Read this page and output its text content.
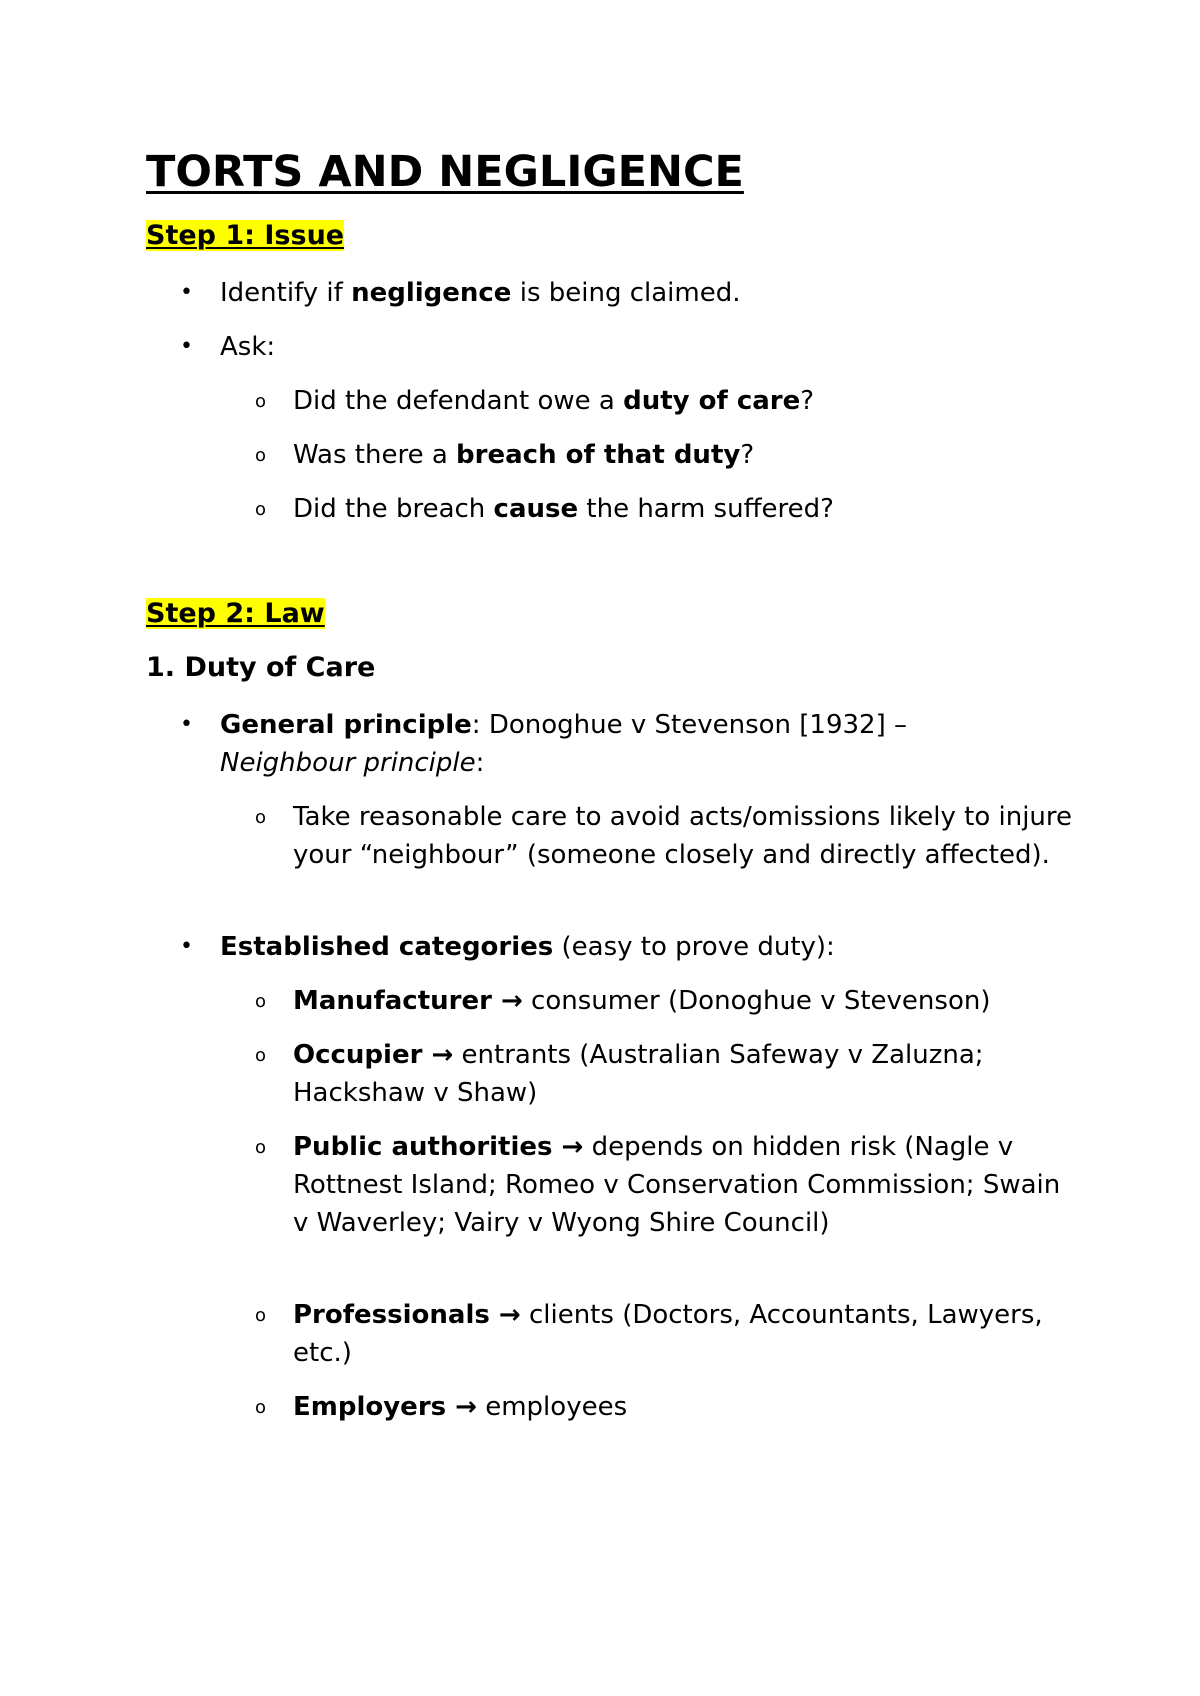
TORTS AND NEGLIGENCE
Step 1: Issue
• Identify if negligence is being claimed.

• Ask:

o Did the defendant owe a duty of care?

o Was there a breach of that duty?

o Did the breach cause the harm suffered?

Step 2: Law
1. Duty of Care
• General principle: Donoghue v Stevenson [1932] –
Neighbour principle:

o Take reasonable care to avoid acts/omissions likely to injure your “neighbour” (someone closely and directly affected).

• Established categories (easy to prove duty):

o Manufacturer → consumer (Donoghue v Stevenson)

o Occupier → entrants (Australian Safeway v Zaluzna; Hackshaw v Shaw)

o Public authorities → depends on hidden risk (Nagle v Rottnest Island; Romeo v Conservation Commission; Swain v Waverley; Vairy v Wyong Shire Council)

o Professionals → clients (Doctors, Accountants, Lawyers, etc.)

o Employers → employees
